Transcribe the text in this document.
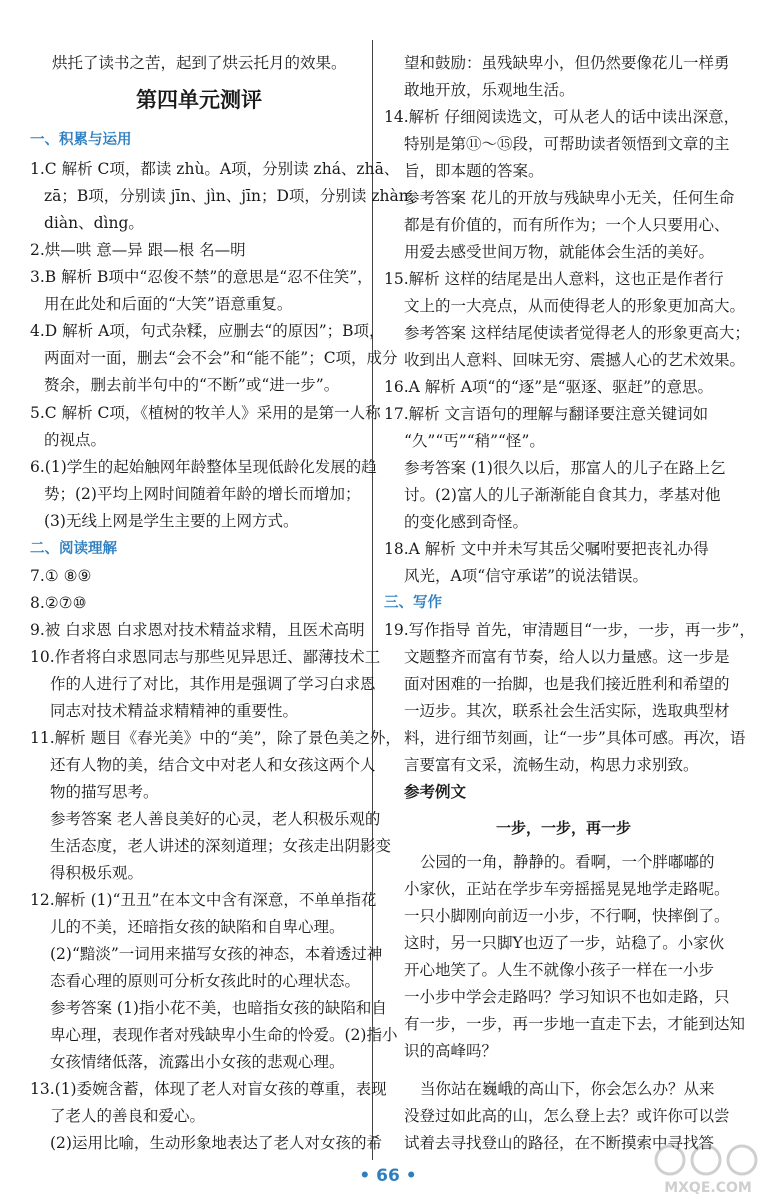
烘托了读书之苦，起到了烘云托月的效果。
第四单元测评
一、积累与运用
1.C 解析 C项，都读 zhù。A项，分别读 zhá、zhā、
zā；B项，分别读 jīn、jìn、jīn；D项，分别读 zhàn、
diàn、dìng。
2.烘—哄 意—异 跟—根 名—明
3.B 解析 B项中“忍俊不禁”的意思是“忍不住笑”，
用在此处和后面的“大笑”语意重复。
4.D 解析 A项，句式杂糅，应删去“的原因”；B项，
两面对一面，删去“会不会”和“能不能”；C项，成分
赘余，删去前半句中的“不断”或“进一步”。
5.C 解析 C项，《植树的牧羊人》采用的是第一人称
的视点。
6.(1)学生的起始触网年龄整体呈现低龄化发展的趋
势；(2)平均上网时间随着年龄的增长而增加；
(3)无线上网是学生主要的上网方式。
二、阅读理解
7.① ⑧⑨
8.②⑦⑩
9.被 白求恩 白求恩对技术精益求精，且医术高明
10.作者将白求恩同志与那些见异思迁、鄙薄技术工
作的人进行了对比，其作用是强调了学习白求恩
同志对技术精益求精精神的重要性。
11.解析 题目《春光美》中的“美”，除了景色美之外，
还有人物的美，结合文中对老人和女孩这两个人
物的描写思考。
参考答案 老人善良美好的心灵，老人积极乐观的
生活态度，老人讲述的深刻道理；女孩走出阴影变
得积极乐观。
12.解析 (1)“丑丑”在本文中含有深意，不单单指花
儿的不美，还暗指女孩的缺陷和自卑心理。
(2)“黯淡”一词用来描写女孩的神态，本着透过神
态看心理的原则可分析女孩此时的心理状态。
参考答案 (1)指小花不美，也暗指女孩的缺陷和自
卑心理，表现作者对残缺卑小生命的怜爱。(2)指小
女孩情绪低落，流露出小女孩的悲观心理。
13.(1)委婉含蓄，体现了老人对盲女孩的尊重，表现
了老人的善良和爱心。
(2)运用比喻，生动形象地表达了老人对女孩的希
望和鼓励：虽残缺卑小，但仍然要像花儿一样勇
敢地开放，乐观地生活。
14.解析 仔细阅读选文，可从老人的话中读出深意，
特别是第⑪～⑮段，可帮助读者领悟到文章的主
旨，即本题的答案。
参考答案 花儿的开放与残缺卑小无关，任何生命
都是有价值的，而有所作为；一个人只要用心、
用爱去感受世间万物，就能体会生活的美好。
15.解析 这样的结尾是出人意料，这也正是作者行
文上的一大亮点，从而使得老人的形象更加高大。
参考答案 这样结尾使读者觉得老人的形象更高大；
收到出人意料、回味无穷、震撼人心的艺术效果。
16.A 解析 A项“的“逐”是“驱逐、驱赶”的意思。
17.解析 文言语句的理解与翻译要注意关键词如
“久”“丐”“稍”“怪”。
参考答案 (1)很久以后，那富人的儿子在路上乞
讨。(2)富人的儿子渐渐能自食其力，孝基对他
的变化感到奇怪。
18.A 解析 文中并未写其岳父嘱咐要把丧礼办得
风光，A项“信守承诺”的说法错误。
三、写作
19.写作指导 首先，审清题目“一步，一步，再一步”，
文题整齐而富有节奏，给人以力量感。这一步是
面对困难的一抬脚，也是我们接近胜利和希望的
一迈步。其次，联系社会生活实际，选取典型材
料，进行细节刻画，让“一步”具体可感。再次，语
言要富有文采，流畅生动，构思力求别致。
参考例文
一步，一步，再一步
公园的一角，静静的。看啊，一个胖嘟嘟的
小家伙，正站在学步车旁摇摇晃晃地学走路呢。
一只小脚刚向前迈一小步，不行啊，快摔倒了。
这时，另一只脚Y也迈了一步，站稳了。小家伙
开心地笑了。人生不就像小孩子一样在一小步
一小步中学会走路吗？学习知识不也如走路，只
有一步，一步，再一步地一直走下去，才能到达知
识的高峰吗？
当你站在巍峨的高山下，你会怎么办？从来
没登过如此高的山，怎么登上去？或许你可以尝
试着去寻找登山的路径，在不断摸索中寻找答
• 66 •
MXQE.COM
